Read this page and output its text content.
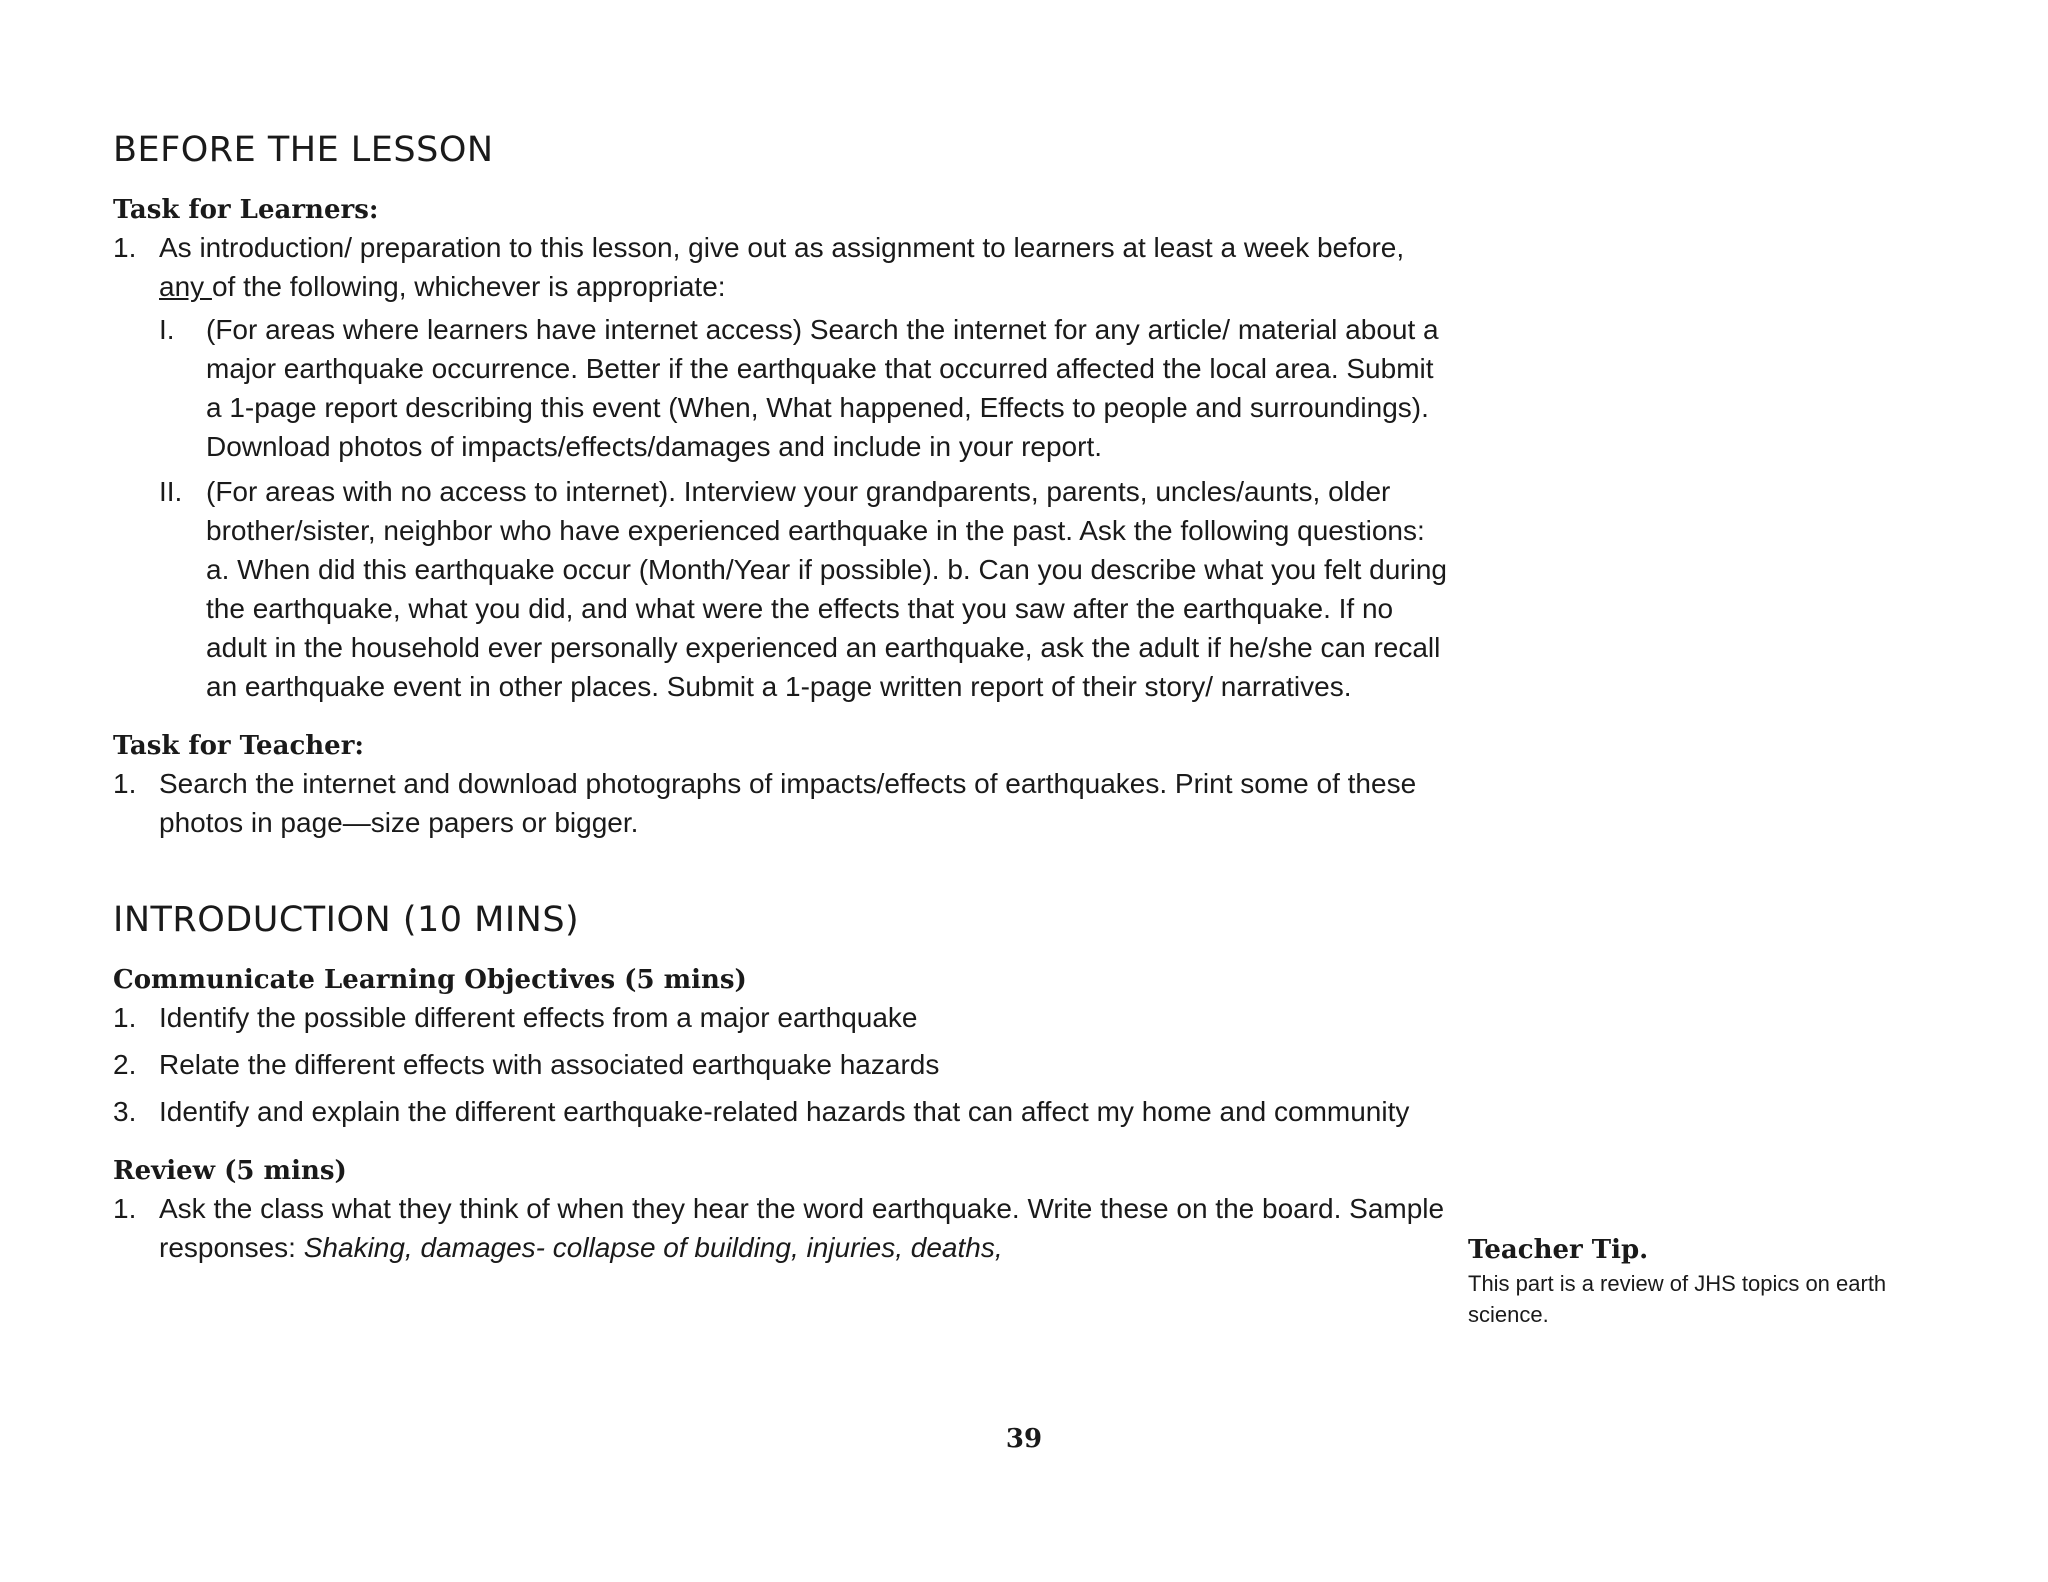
BEFORE THE LESSON
Task for Learners:
1. As introduction/ preparation to this lesson, give out as assignment to learners at least a week before, any of the following, whichever is appropriate:
I. (For areas where learners have internet access) Search the internet for any article/ material about a major earthquake occurrence. Better if the earthquake that occurred affected the local area. Submit a 1-page report describing this event (When, What happened, Effects to people and surroundings). Download photos of impacts/effects/damages and include in your report.
II. (For areas with no access to internet). Interview your grandparents, parents, uncles/aunts, older brother/sister, neighbor who have experienced earthquake in the past. Ask the following questions: a. When did this earthquake occur (Month/Year if possible). b. Can you describe what you felt during the earthquake, what you did, and what were the effects that you saw after the earthquake. If no adult in the household ever personally experienced an earthquake, ask the adult if he/she can recall an earthquake event in other places. Submit a 1-page written report of their story/ narratives.
Task for Teacher:
1. Search the internet and download photographs of impacts/effects of earthquakes. Print some of these photos in page—size papers or bigger.
INTRODUCTION (10 MINS)
Communicate Learning Objectives (5 mins)
1. Identify the possible different effects from a major earthquake
2. Relate the different effects with associated earthquake hazards
3. Identify and explain the different earthquake-related hazards that can affect my home and community
Review (5 mins)
1. Ask the class what they think of when they hear the word earthquake. Write these on the board. Sample responses: Shaking, damages- collapse of building, injuries, deaths,	Teacher Tip.
This part is a review of JHS topics on earth science.
39
